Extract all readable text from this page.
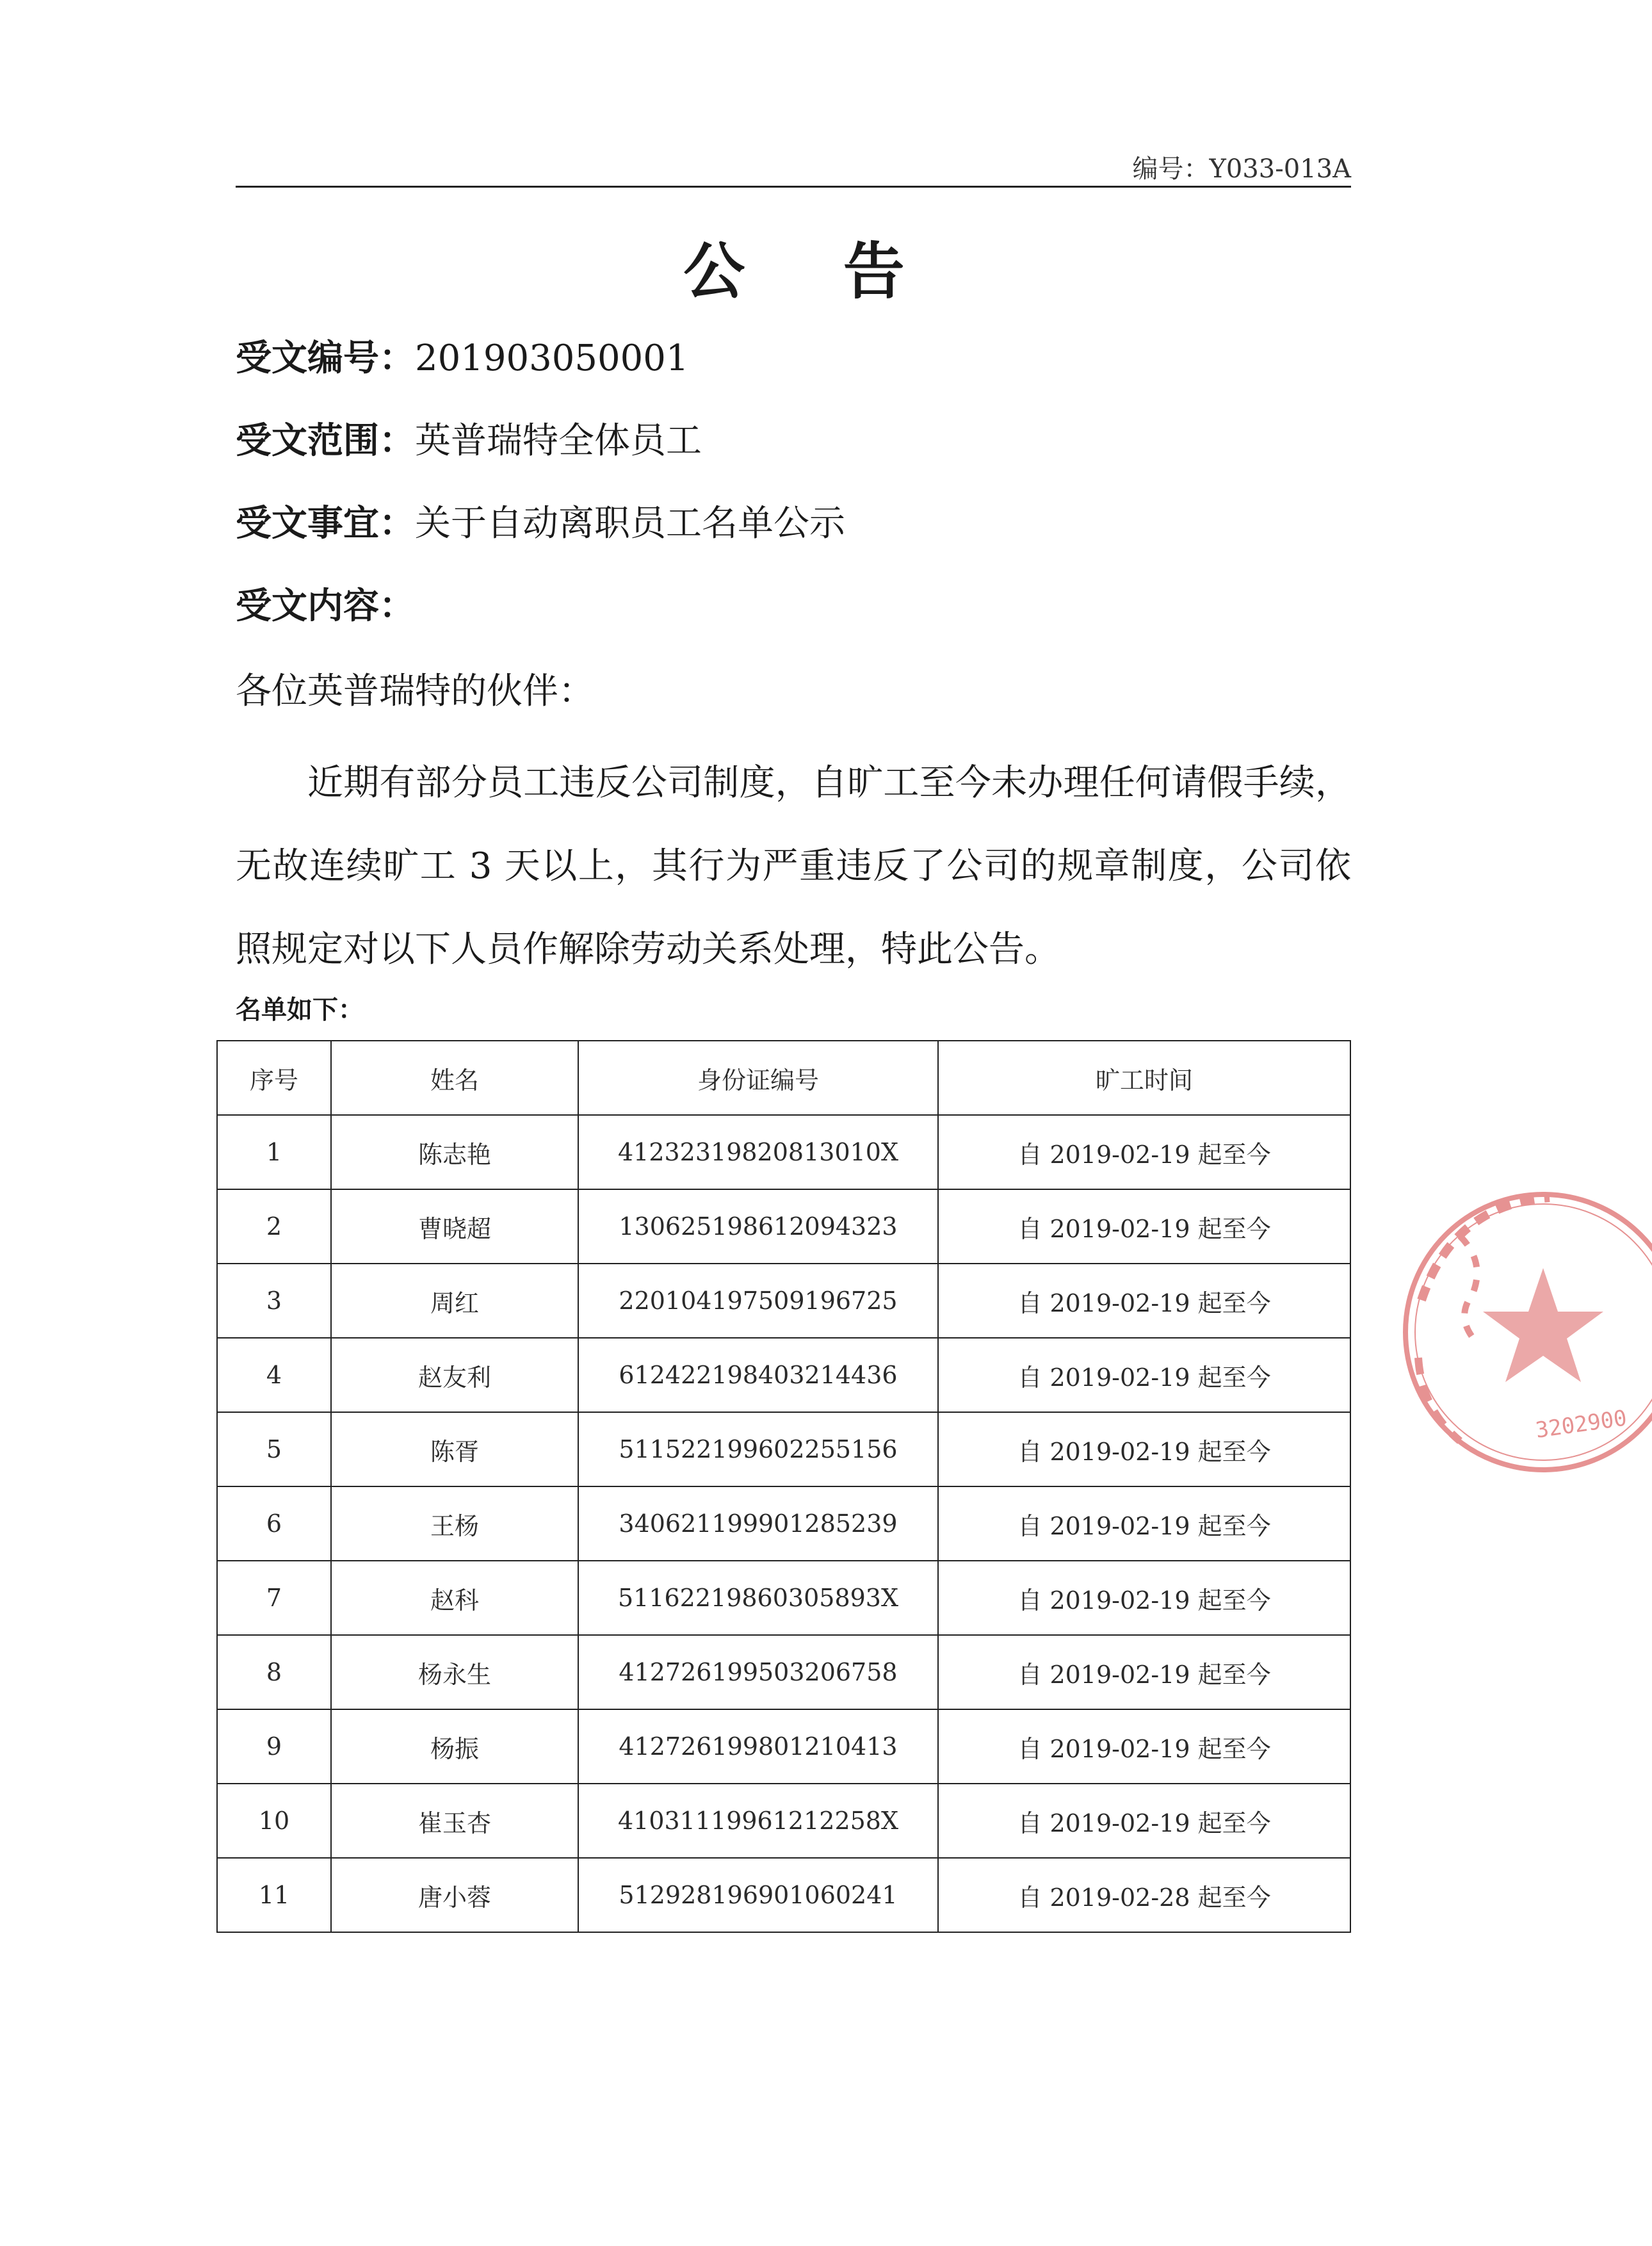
编号：Y033-013A
公 告
受文编号：201903050001
受文范围：英普瑞特全体员工
受文事宜：关于自动离职员工名单公示
受文内容：
各位英普瑞特的伙伴：
近期有部分员工违反公司制度，自旷工至今未办理任何请假手续，无故连续旷工 3 天以上，其行为严重违反了公司的规章制度，公司依照规定对以下人员作解除劳动关系处理，特此公告。
名单如下：
序号	姓名	身份证编号	旷工时间
1	陈志艳	41232319820813010X	自 2019-02-19 起至今
2	曹晓超	130625198612094323	自 2019-02-19 起至今
3	周红	220104197509196725	自 2019-02-19 起至今
4	赵友利	612422198403214436	自 2019-02-19 起至今
5	陈胥	511522199602255156	自 2019-02-19 起至今
6	王杨	340621199901285239	自 2019-02-19 起至今
7	赵科	51162219860305893X	自 2019-02-19 起至今
8	杨永生	412726199503206758	自 2019-02-19 起至今
9	杨振	412726199801210413	自 2019-02-19 起至今
10	崔玉杏	41031119961212258X	自 2019-02-19 起至今
11	唐小蓉	512928196901060241	自 2019-02-28 起至今
3202900
